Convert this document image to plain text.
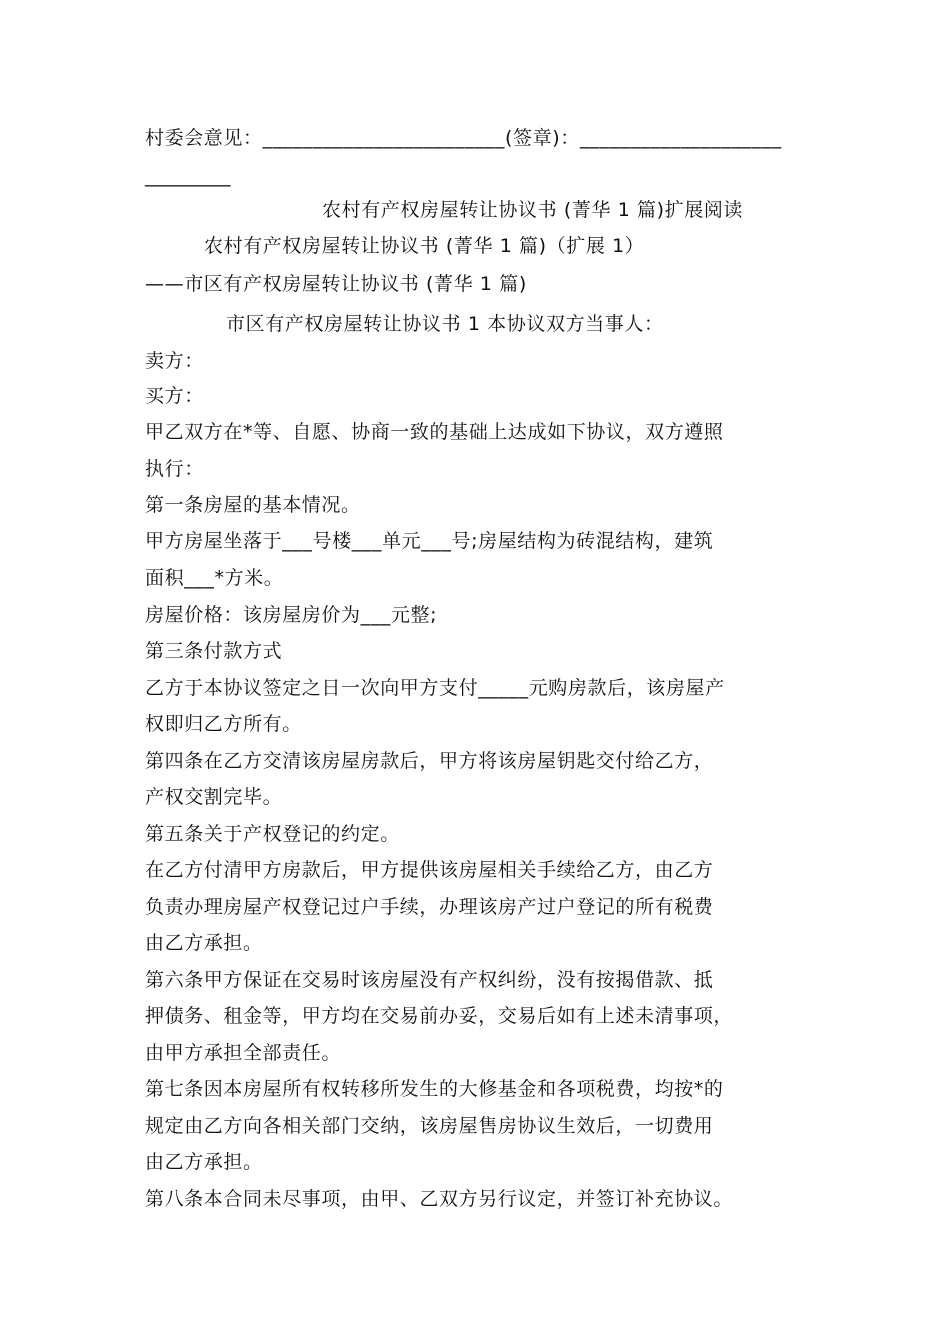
村委会意见：________________________(签章)：____________________
_________
农村有产权房屋转让协议书 (菁华 1 篇)扩展阅读
农村有产权房屋转让协议书 (菁华 1 篇)（扩展 1）
——市区有产权房屋转让协议书 (菁华 1 篇)
市区有产权房屋转让协议书 1 本协议双方当事人：
卖方：
买方：
甲乙双方在*等、自愿、协商一致的基础上达成如下协议，双方遵照
执行：
第一条房屋的基本情况。
甲方房屋坐落于___号楼___单元___号;房屋结构为砖混结构，建筑
面积___*方米。
房屋价格：该房屋房价为___元整;
第三条付款方式
乙方于本协议签定之日一次向甲方支付_____元购房款后，该房屋产
权即归乙方所有。
第四条在乙方交清该房屋房款后，甲方将该房屋钥匙交付给乙方，
产权交割完毕。
第五条关于产权登记的约定。
在乙方付清甲方房款后，甲方提供该房屋相关手续给乙方，由乙方
负责办理房屋产权登记过户手续，办理该房产过户登记的所有税费
由乙方承担。
第六条甲方保证在交易时该房屋没有产权纠纷，没有按揭借款、抵
押债务、租金等，甲方均在交易前办妥，交易后如有上述未清事项，
由甲方承担全部责任。
第七条因本房屋所有权转移所发生的大修基金和各项税费，均按*的
规定由乙方向各相关部门交纳，该房屋售房协议生效后，一切费用
由乙方承担。
第八条本合同未尽事项，由甲、乙双方另行议定，并签订补充协议。
